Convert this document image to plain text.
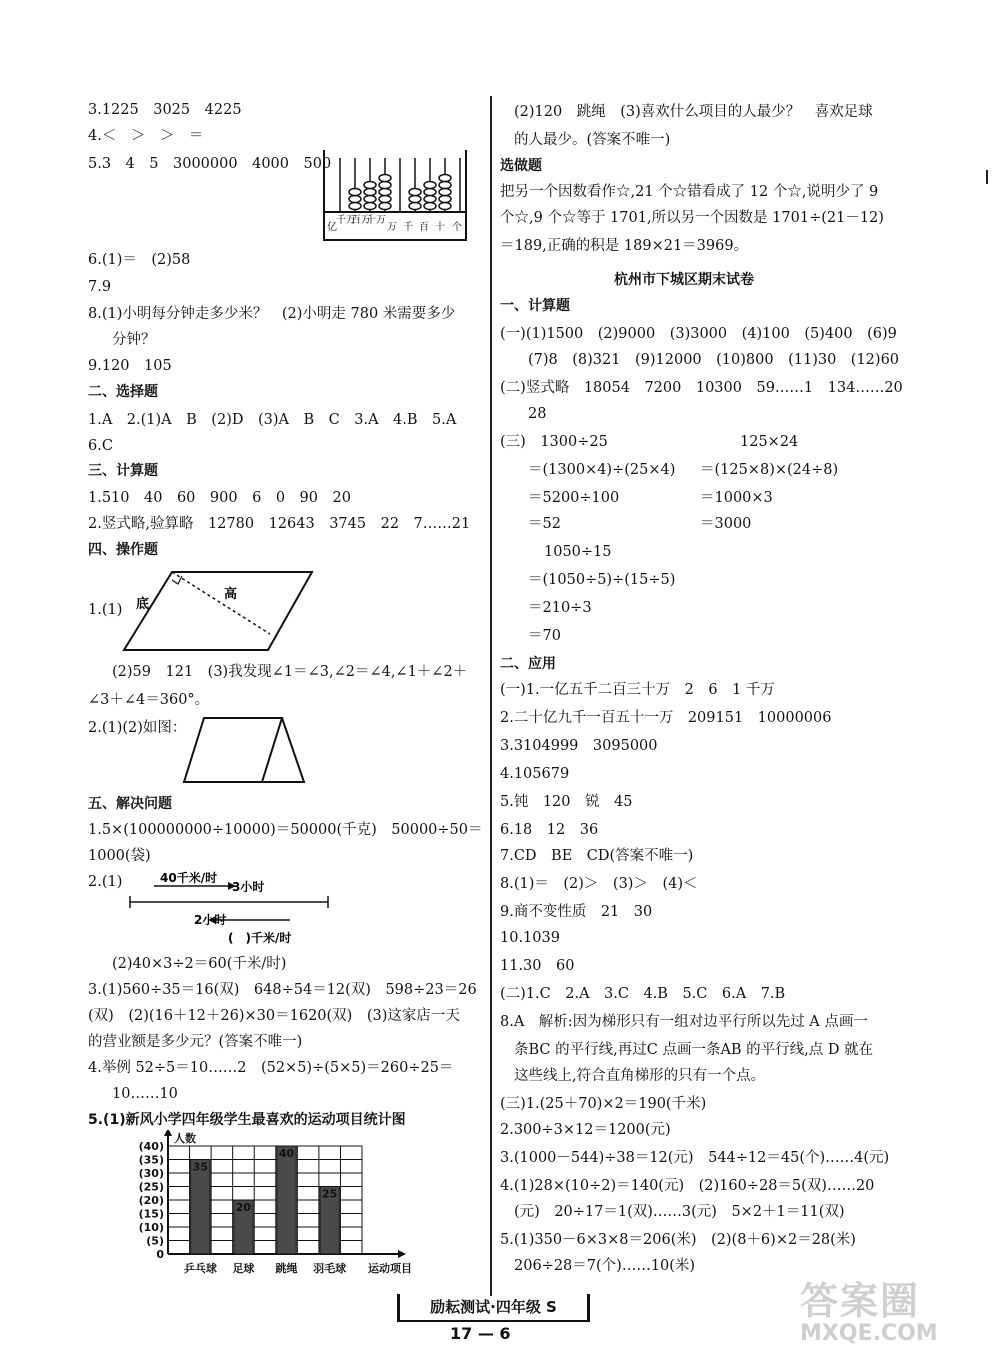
3.1225　3025　4225
4.＜　＞　＞　＝
5.3　4　5　3000000　4000　500
亿
千万
百万
十万
万 千 百 十 个
6.(1)＝　(2)58
7.9
8.(1)小明每分钟走多少米？　(2)小明走 780 米需要多少
分钟？
9.120　105
二、选择题
1.A　2.(1)A　B　(2)D　(3)A　B　C　3.A　4.B　5.A
6.C
三、计算题
1.510　40　60　900　6　0　90　20
2.竖式略,验算略　12780　12643　3745　22　7……21
四、操作题
1.(1) 底
高
(2)59　121　(3)我发现∠1＝∠3,∠2＝∠4,∠1＋∠2＋
∠3＋∠4＝360°。
2.(1)(2)如图：
五、解决问题
1.5×(100000000÷10000)＝50000(千克)　50000÷50＝
1000(袋)
2.(1)	40千米/时
3小时
2小时
(　)千米/时
(2)40×3÷2＝60(千米/时)
3.(1)560÷35＝16(双)　648÷54＝12(双)　598÷23＝26
(双)　(2)(16＋12＋26)×30＝1620(双)　(3)这家店一天
的营业额是多少元？(答案不唯一)
4.举例 52÷5＝10……2　(52×5)÷(5×5)＝260÷25＝
10……10
5.(1)新风小学四年级学生最喜欢的运动项目统计图
0
(5)
(10)
(15)
(20)
(25)
(30)
(35)
(40)
人数
运动项目
35
乒乓球
20
足球
40
跳绳
25
羽毛球
(2)120　跳绳　(3)喜欢什么项目的人最少？　喜欢足球
的人最少。(答案不唯一)
选做题
把另一个因数看作☆,21 个☆错看成了 12 个☆,说明少了 9
个☆,9 个☆等于 1701,所以另一个因数是 1701÷(21－12)
＝189,正确的积是 189×21＝3969。
杭州市下城区期末试卷
一、计算题
(一)(1)1500　(2)9000　(3)3000　(4)100　(5)400　(6)9
(7)8　(8)321　(9)12000　(10)800　(11)30　(12)60
(二)竖式略　18054　7200　10300　59……1　134……20
28
(三)　1300÷25	125×24
＝(1300×4)÷(25×4) ＝(125×8)×(24÷8)
＝5200÷100	＝1000×3
＝52	＝3000
1050÷15
＝(1050÷5)÷(15÷5)
＝210÷3
＝70
二、应用
(一)1.一亿五千二百三十万　2　6　1 千万
2.二十亿九千一百五十一万　209151　10000006
3.3104999　3095000
4.105679
5.钝　120　锐　45
6.18　12　36
7.CD　BE　CD(答案不唯一)
8.(1)＝　(2)＞　(3)＞　(4)＜
9.商不变性质　21　30
10.1039
11.30　60
(二)1.C　2.A　3.C　4.B　5.C　6.A　7.B
8.A　解析:因为梯形只有一组对边平行所以先过 A 点画一
条BC 的平行线,再过C 点画一条AB 的平行线,点 D 就在
这些线上,符合直角梯形的只有一个点。
(三)1.(25＋70)×2＝190(千米)
2.300÷3×12＝1200(元)
3.(1000－544)÷38＝12(元)　544÷12＝45(个)……4(元)
4.(1)28×(10÷2)＝140(元)　(2)160÷28＝5(双)……20
(元)　20÷17＝1(双)……3(元)　5×2＋1＝11(双)
5.(1)350－6×3×8＝206(米)　(2)(8＋6)×2＝28(米)
206÷28＝7(个)……10(米)
励耘测试·四年级 S
17 — 6
答案圈
MXQE.COM
